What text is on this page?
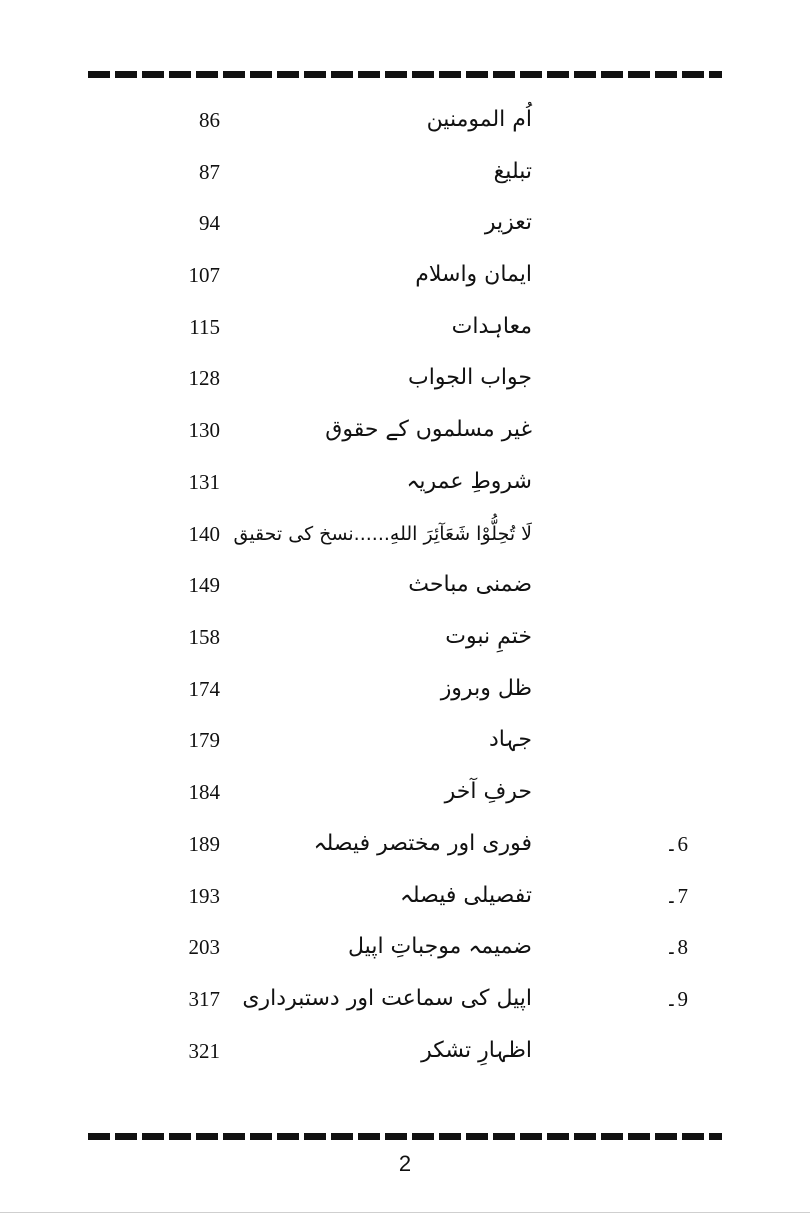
اُم المومنین
86
تبلیغ
87
تعزیر
94
ایمان واسلام
107
معاہدات
115
جواب الجواب
128
غیر مسلموں کے حقوق
130
شروطِ عمریہ
131
لَا تُحِلُّوْا شَعَآئِرَ اللهِ......نسخ کی تحقیق
140
ضمنی مباحث
149
ختمِ نبوت
158
ظل وبروز
174
جہاد
179
حرفِ آخر
184
6۔
فوری اور مختصر فیصلہ
189
7۔
تفصیلی فیصلہ
193
8۔
ضمیمہ موجباتِ اپیل
203
9۔
اپیل کی سماعت اور دستبرداری
317
اظہارِ تشکر
321
2
